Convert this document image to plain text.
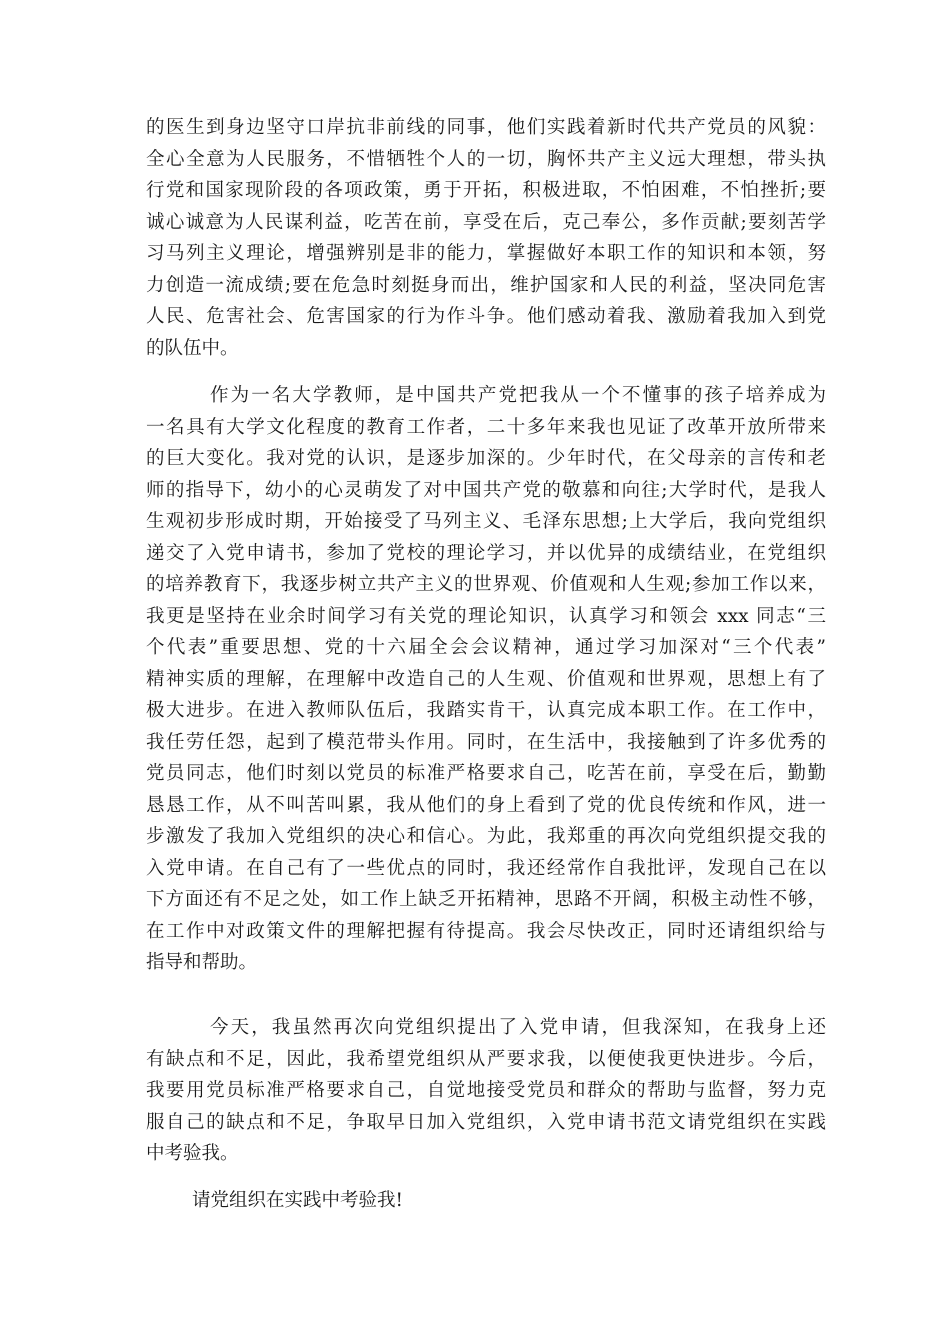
的医生到身边坚守口岸抗非前线的同事，他们实践着新时代共产党员的风貌：
全心全意为人民服务，不惜牺牲个人的一切，胸怀共产主义远大理想，带头执
行党和国家现阶段的各项政策，勇于开拓，积极进取，不怕困难，不怕挫折;要
诚心诚意为人民谋利益，吃苦在前，享受在后，克己奉公，多作贡献;要刻苦学
习马列主义理论，增强辨别是非的能力，掌握做好本职工作的知识和本领，努
力创造一流成绩;要在危急时刻挺身而出，维护国家和人民的利益，坚决同危害
人民、危害社会、危害国家的行为作斗争。他们感动着我、激励着我加入到党
的队伍中。
作为一名大学教师，是中国共产党把我从一个不懂事的孩子培养成为
一名具有大学文化程度的教育工作者，二十多年来我也见证了改革开放所带来
的巨大变化。我对党的认识，是逐步加深的。少年时代，在父母亲的言传和老
师的指导下，幼小的心灵萌发了对中国共产党的敬慕和向往;大学时代，是我人
生观初步形成时期，开始接受了马列主义、毛泽东思想;上大学后，我向党组织
递交了入党申请书，参加了党校的理论学习，并以优异的成绩结业，在党组织
的培养教育下，我逐步树立共产主义的世界观、价值观和人生观;参加工作以来，
我更是坚持在业余时间学习有关党的理论知识，认真学习和领会 xxx 同志“三
个代表”重要思想、党的十六届全会会议精神，通过学习加深对“三个代表”
精神实质的理解，在理解中改造自己的人生观、价值观和世界观，思想上有了
极大进步。在进入教师队伍后，我踏实肯干，认真完成本职工作。在工作中，
我任劳任怨，起到了模范带头作用。同时，在生活中，我接触到了许多优秀的
党员同志，他们时刻以党员的标准严格要求自己，吃苦在前，享受在后，勤勤
恳恳工作，从不叫苦叫累，我从他们的身上看到了党的优良传统和作风，进一
步激发了我加入党组织的决心和信心。为此，我郑重的再次向党组织提交我的
入党申请。在自己有了一些优点的同时，我还经常作自我批评，发现自己在以
下方面还有不足之处，如工作上缺乏开拓精神，思路不开阔，积极主动性不够，
在工作中对政策文件的理解把握有待提高。我会尽快改正，同时还请组织给与
指导和帮助。
今天，我虽然再次向党组织提出了入党申请，但我深知，在我身上还
有缺点和不足，因此，我希望党组织从严要求我，以便使我更快进步。今后，
我要用党员标准严格要求自己，自觉地接受党员和群众的帮助与监督，努力克
服自己的缺点和不足，争取早日加入党组织，入党申请书范文请党组织在实践
中考验我。

请党组织在实践中考验我!
